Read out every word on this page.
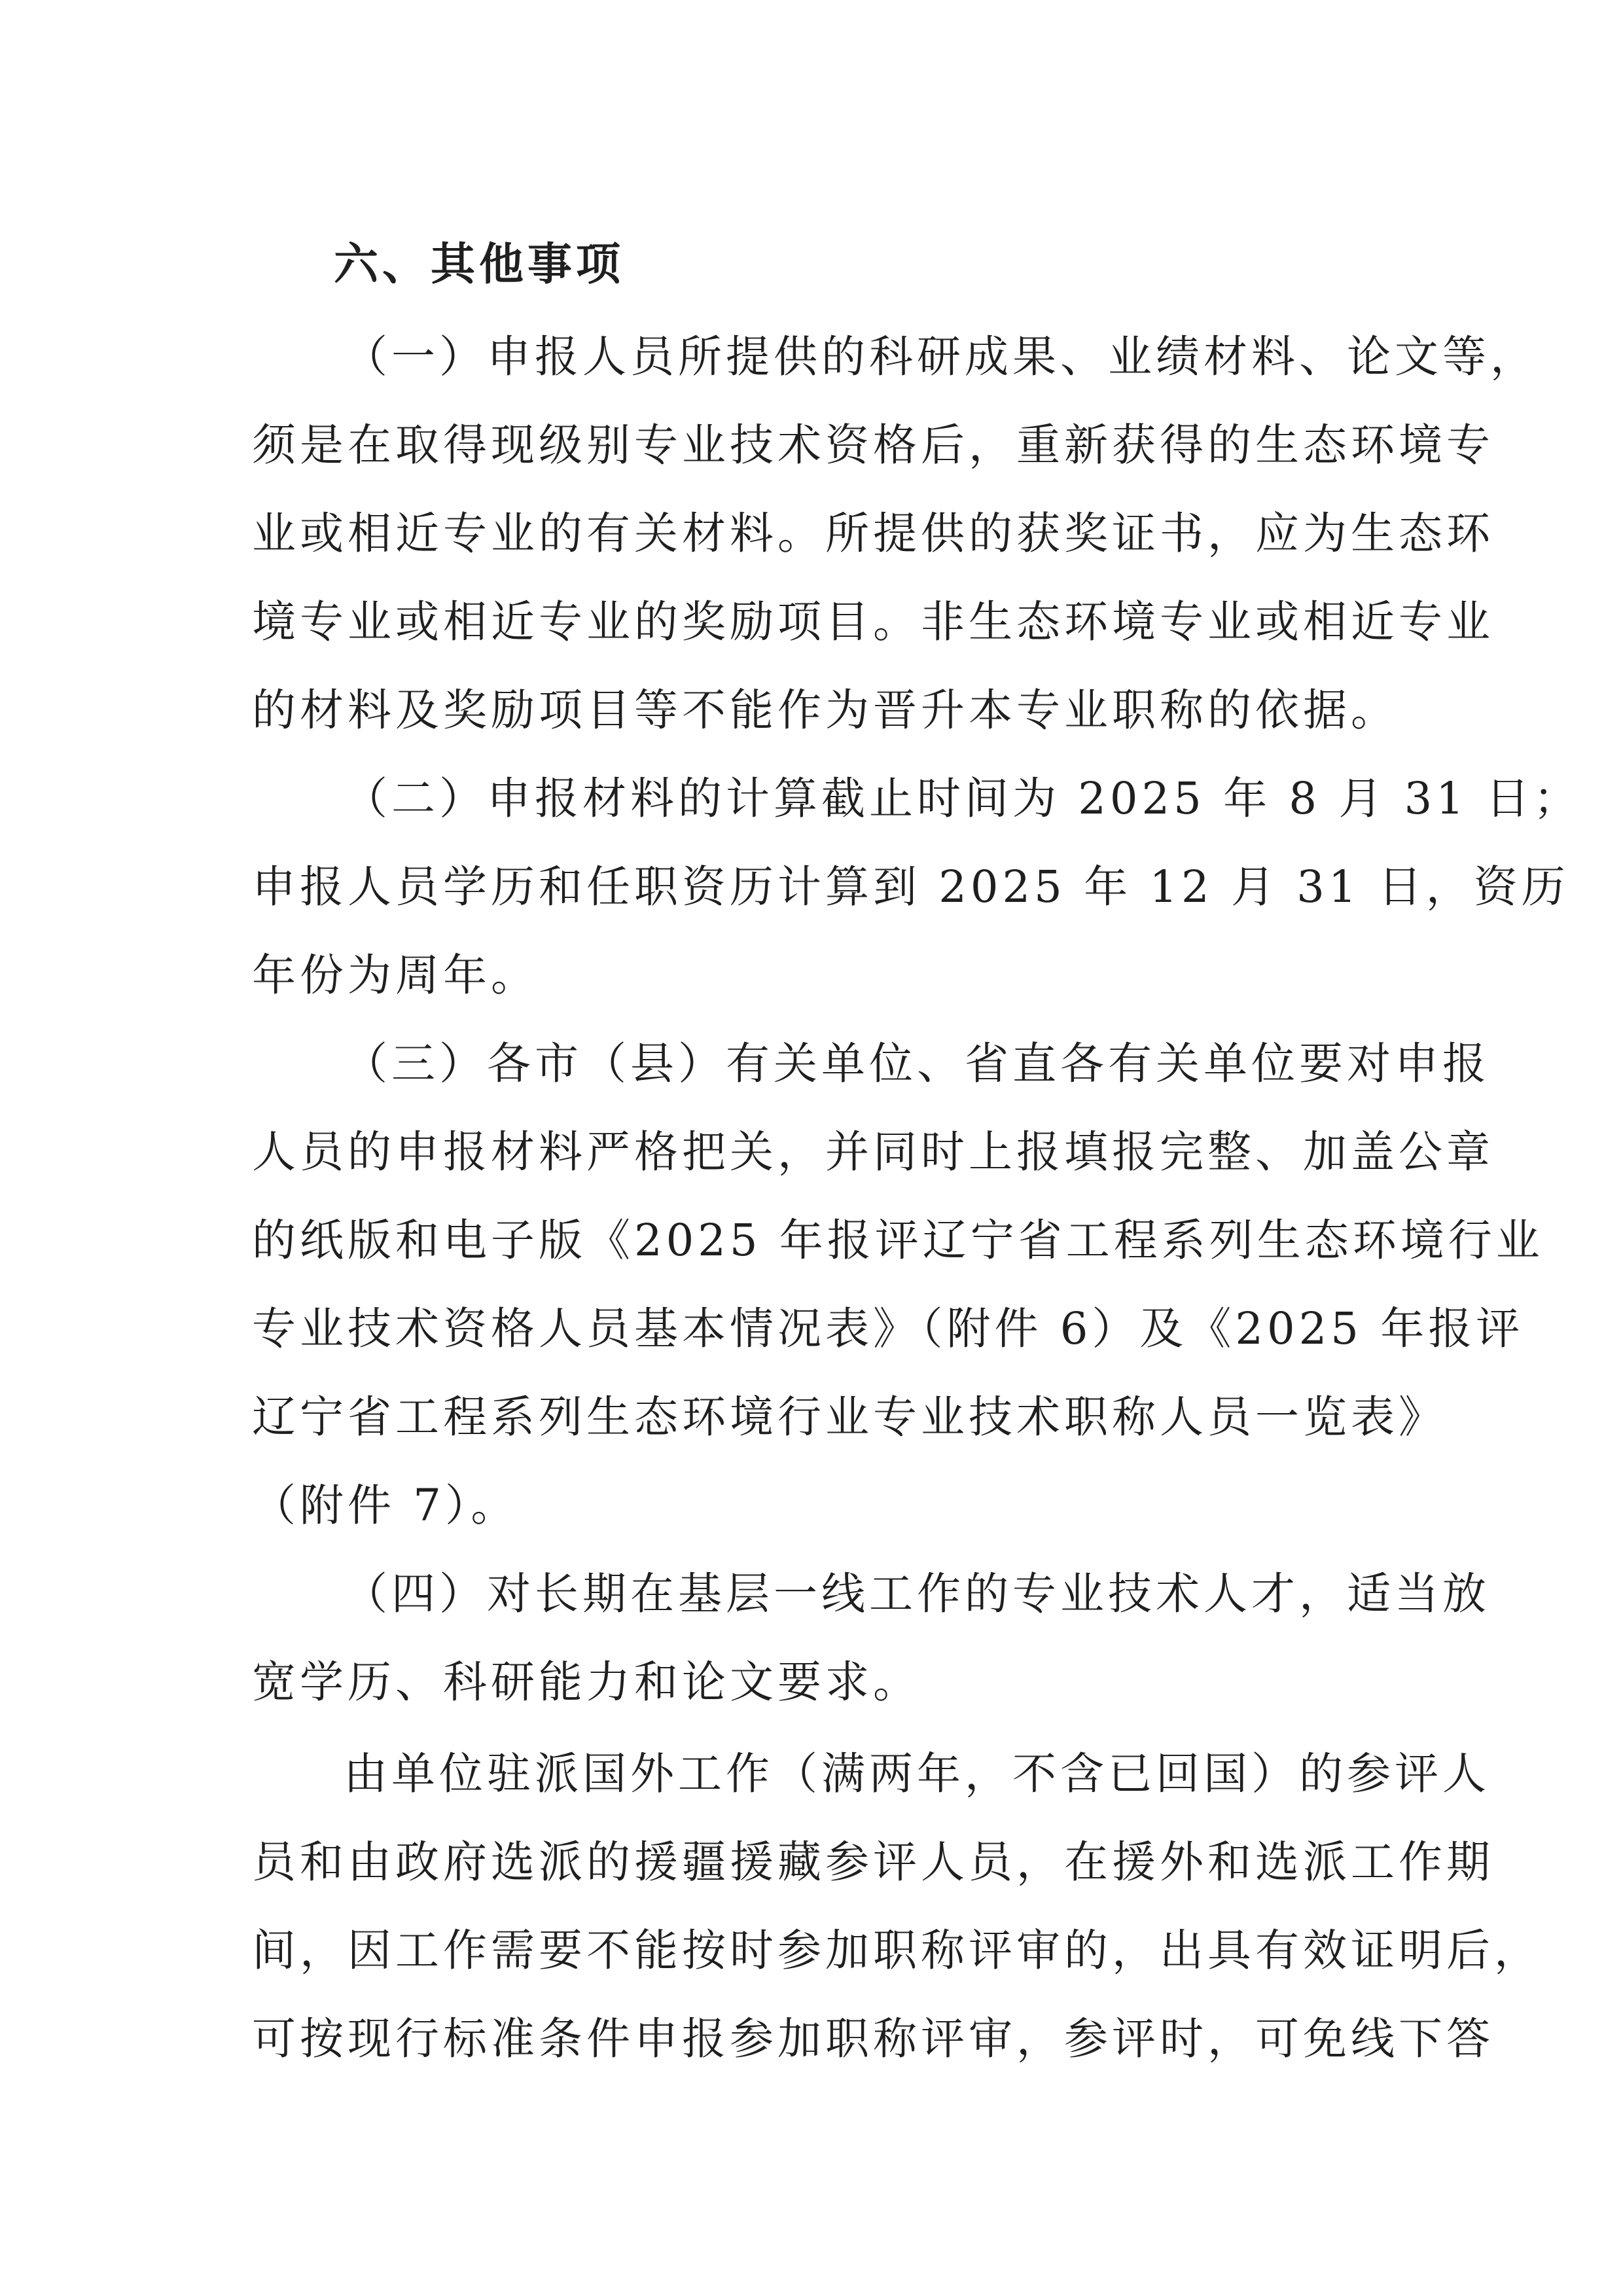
六、其他事项

（一）申报人员所提供的科研成果、业绩材料、论文等，

须是在取得现级别专业技术资格后，重新获得的生态环境专

业或相近专业的有关材料。所提供的获奖证书，应为生态环

境专业或相近专业的奖励项目。非生态环境专业或相近专业

的材料及奖励项目等不能作为晋升本专业职称的依据。

（二）申报材料的计算截止时间为 2025 年 8 月 31 日；

申报人员学历和任职资历计算到 2025 年 12 月 31 日，资历

年份为周年。

（三）各市（县）有关单位、省直各有关单位要对申报

人员的申报材料严格把关，并同时上报填报完整、加盖公章

的纸版和电子版《2025 年报评辽宁省工程系列生态环境行业

专业技术资格人员基本情况表》（附件 6）及《2025 年报评

辽宁省工程系列生态环境行业专业技术职称人员一览表》

（附件 7）。

（四）对长期在基层一线工作的专业技术人才，适当放

宽学历、科研能力和论文要求。

由单位驻派国外工作（满两年，不含已回国）的参评人

员和由政府选派的援疆援藏参评人员，在援外和选派工作期

间，因工作需要不能按时参加职称评审的，出具有效证明后，

可按现行标准条件申报参加职称评审，参评时，可免线下答
